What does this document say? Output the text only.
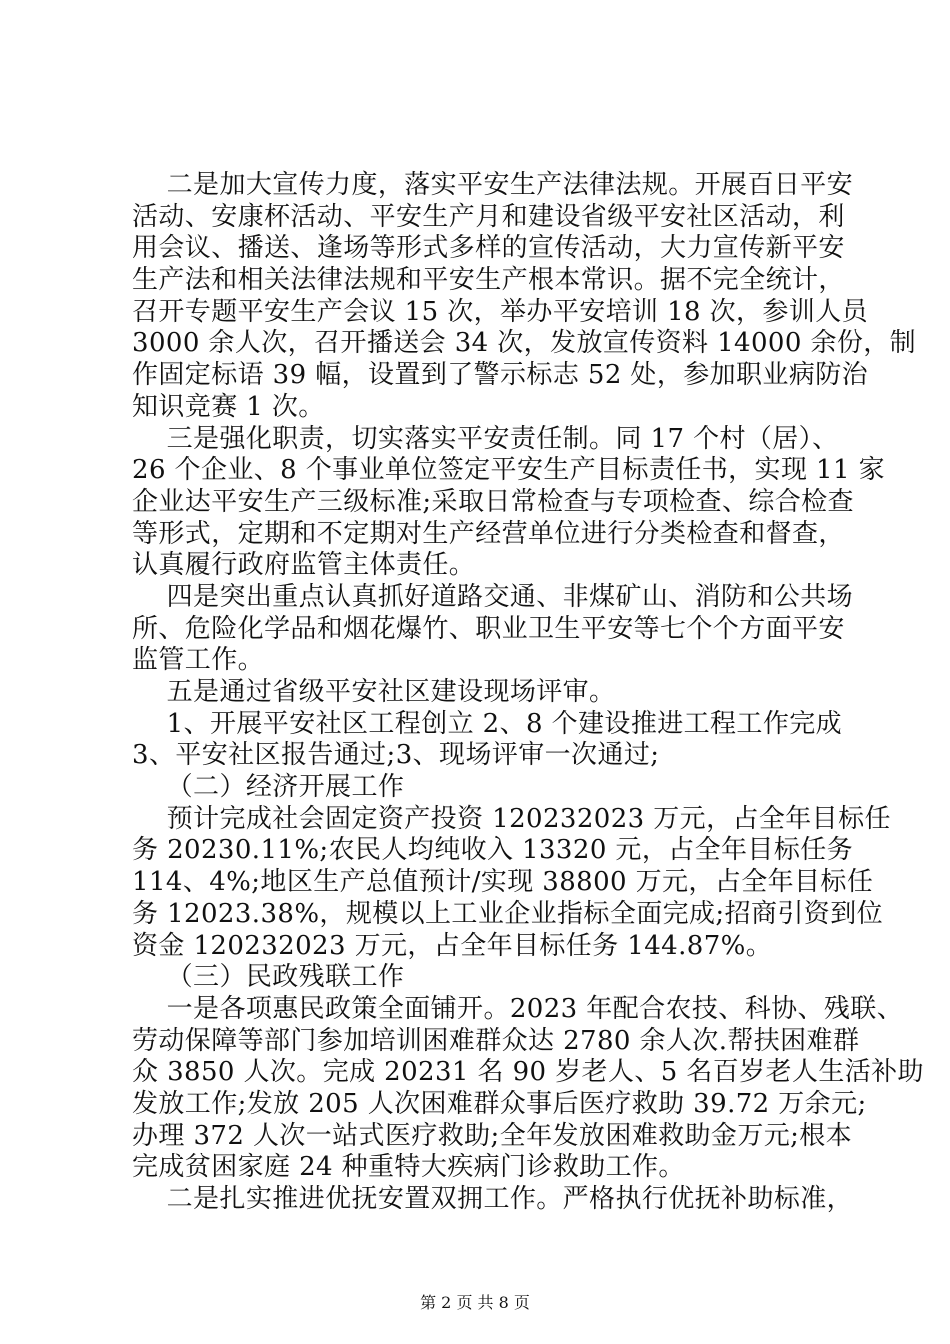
二是加大宣传力度，落实平安生产法律法规。开展百日平安
活动、安康杯活动、平安生产月和建设省级平安社区活动，利
用会议、播送、逢场等形式多样的宣传活动，大力宣传新平安
生产法和相关法律法规和平安生产根本常识。据不完全统计，
召开专题平安生产会议 15 次，举办平安培训 18 次，参训人员
3000 余人次，召开播送会 34 次，发放宣传资料 14000 余份，制
作固定标语 39 幅，设置到了警示标志 52 处，参加职业病防治
知识竞赛 1 次。
三是强化职责，切实落实平安责任制。同 17 个村（居）、
26 个企业、8 个事业单位签定平安生产目标责任书，实现 11 家
企业达平安生产三级标准;采取日常检查与专项检查、综合检查
等形式，定期和不定期对生产经营单位进行分类检查和督查，
认真履行政府监管主体责任。
四是突出重点认真抓好道路交通、非煤矿山、消防和公共场
所、危险化学品和烟花爆竹、职业卫生平安等七个个方面平安
监管工作。
五是通过省级平安社区建设现场评审。
1、开展平安社区工程创立 2、8 个建设推进工程工作完成
3、平安社区报告通过;3、现场评审一次通过;
（二）经济开展工作
预计完成社会固定资产投资 120232023 万元，占全年目标任
务 20230.11%;农民人均纯收入 13320 元，占全年目标任务
114、4%;地区生产总值预计/实现 38800 万元，占全年目标任
务 12023.38%，规模以上工业企业指标全面完成;招商引资到位
资金 120232023 万元，占全年目标任务 144.87%。
（三）民政残联工作
一是各项惠民政策全面铺开。2023 年配合农技、科协、残联、
劳动保障等部门参加培训困难群众达 2780 余人次.帮扶困难群
众 3850 人次。完成 20231 名 90 岁老人、5 名百岁老人生活补助
发放工作;发放 205 人次困难群众事后医疗救助 39.72 万余元;
办理 372 人次一站式医疗救助;全年发放困难救助金万元;根本
完成贫困家庭 24 种重特大疾病门诊救助工作。
二是扎实推进优抚安置双拥工作。严格执行优抚补助标准，
第 2 页 共 8 页
